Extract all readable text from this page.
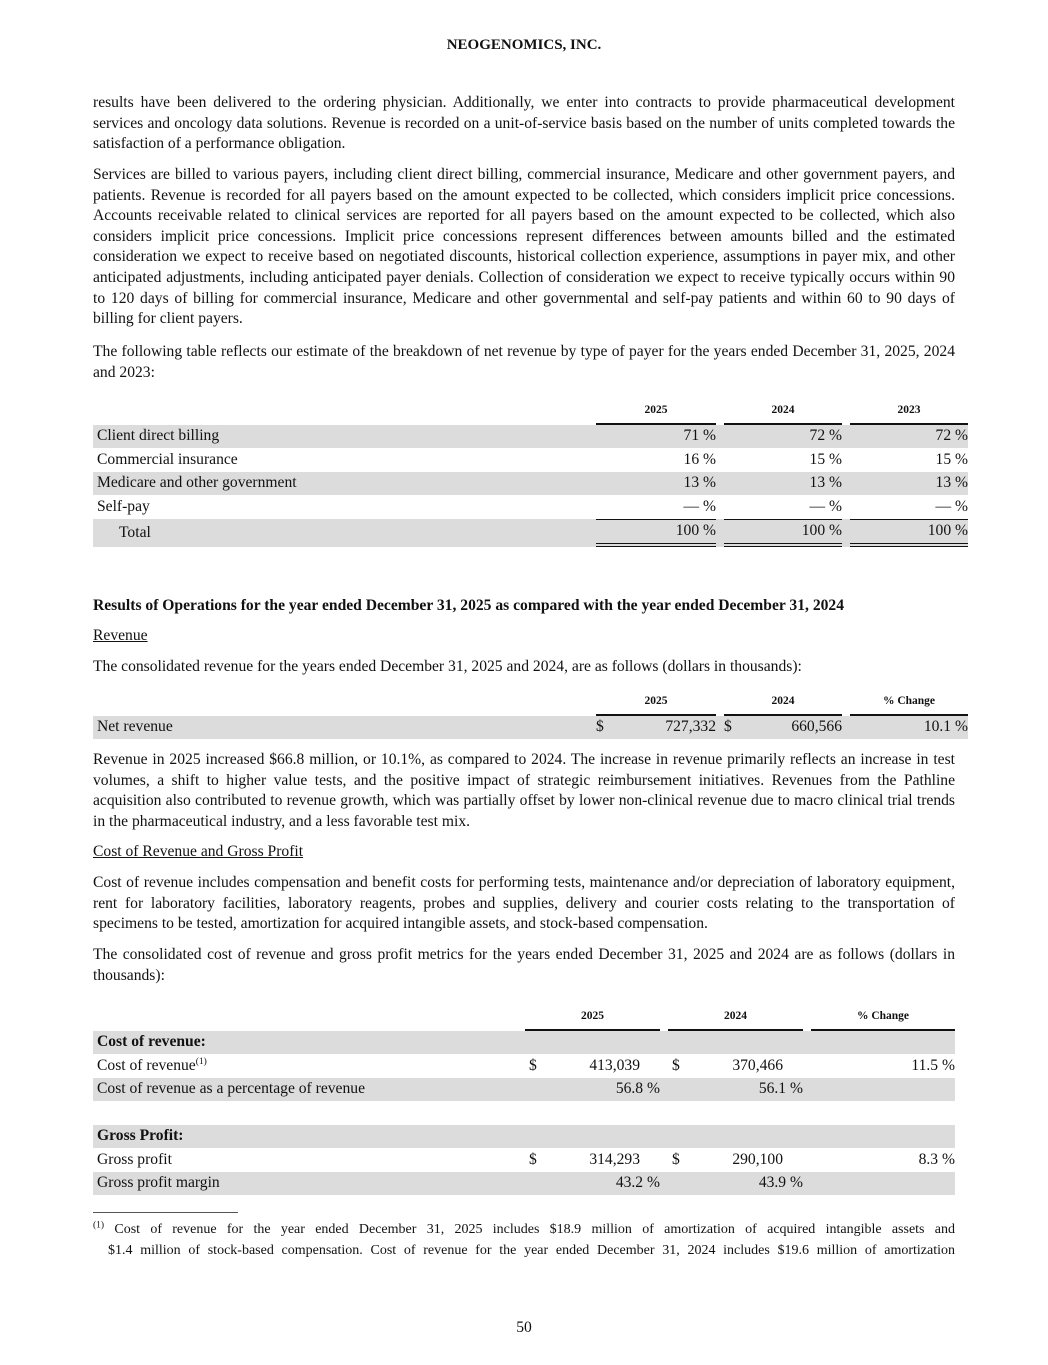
NEOGENOMICS, INC.

results have been delivered to the ordering physician. Additionally, we enter into contracts to provide pharmaceutical development services and oncology data solutions. Revenue is recorded on a unit-of-service basis based on the number of units completed towards the satisfaction of a performance obligation.

Services are billed to various payers, including client direct billing, commercial insurance, Medicare and other government payers, and patients. Revenue is recorded for all payers based on the amount expected to be collected, which considers implicit price concessions. Accounts receivable related to clinical services are reported for all payers based on the amount expected to be collected, which also considers implicit price concessions. Implicit price concessions represent differences between amounts billed and the estimated consideration we expect to receive based on negotiated discounts, historical collection experience, assumptions in payer mix, and other anticipated adjustments, including anticipated payer denials. Collection of consideration we expect to receive typically occurs within 90 to 120 days of billing for commercial insurance, Medicare and other governmental and self-pay patients and within 60 to 90 days of billing for client payers.

The following table reflects our estimate of the breakdown of net revenue by type of payer for the years ended December 31, 2025, 2024 and 2023:

	2025		2024		2023
Client direct billing	71 %		72 %		72 %
Commercial insurance	16 %		15 %		15 %
Medicare and other government	13 %		13 %		13 %
Self-pay	— %		— %		— %
Total	100 %		100 %		100 %

Results of Operations for the year ended December 31, 2025 as compared with the year ended December 31, 2024

Revenue

The consolidated revenue for the years ended December 31, 2025 and 2024, are as follows (dollars in thousands):

	2025			2024			% Change
Net revenue	$	727,332		$	660,566		10.1 %

Revenue in 2025 increased $66.8 million, or 10.1%, as compared to 2024. The increase in revenue primarily reflects an increase in test volumes, a shift to higher value tests, and the positive impact of strategic reimbursement initiatives. Revenues from the Pathline acquisition also contributed to revenue growth, which was partially offset by lower non-clinical revenue due to macro clinical trial trends in the pharmaceutical industry, and a less favorable test mix.

Cost of Revenue and Gross Profit

Cost of revenue includes compensation and benefit costs for performing tests, maintenance and/or depreciation of laboratory equipment, rent for laboratory facilities, laboratory reagents, probes and supplies, delivery and courier costs relating to the transportation of specimens to be tested, amortization for acquired intangible assets, and stock-based compensation.

The consolidated cost of revenue and gross profit metrics for the years ended December 31, 2025 and 2024 are as follows (dollars in thousands):

	2025			2024			% Change
Cost of revenue:							
Cost of revenue$^{(1)}$	$	413,039		$	370,466		11.5 %
Cost of revenue as a percentage of revenue		56.8 %			56.1 %		

Gross Profit:							
Gross profit	$	314,293		$	290,100		8.3 %
Gross profit margin		43.2 %			43.9 %		
$^{(1)}$ Cost of revenue for the year ended December 31, 2025 includes $18.9 million of amortization of acquired intangible assets and
$1.4 million of stock-based compensation. Cost of revenue for the year ended December 31, 2024 includes $19.6 million of amortization
50
